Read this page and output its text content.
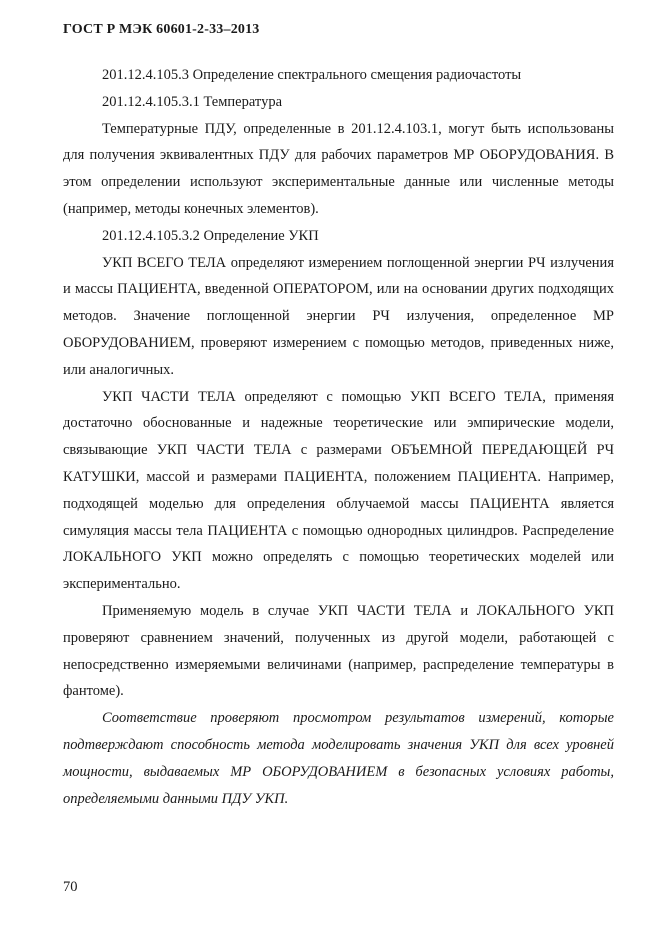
ГОСТ Р МЭК 60601-2-33–2013

201.12.4.105.3 Определение спектрального смещения радиочастоты

201.12.4.105.3.1 Температура

Температурные ПДУ, определенные в 201.12.4.103.1, могут быть использованы для получения эквивалентных ПДУ для рабочих параметров МР ОБОРУДОВАНИЯ. В этом определении используют экспериментальные данные или численные методы (например, методы конечных элементов).

201.12.4.105.3.2 Определение УКП

УКП ВСЕГО ТЕЛА определяют измерением поглощенной энергии РЧ излучения и массы ПАЦИЕНТА, введенной ОПЕРАТОРОМ, или на основании других подходящих методов. Значение поглощенной энергии РЧ излучения, определенное МР ОБОРУДОВАНИЕМ, проверяют измерением с помощью методов, приведенных ниже, или аналогичных.

УКП ЧАСТИ ТЕЛА определяют с помощью УКП ВСЕГО ТЕЛА, применяя достаточно обоснованные и надежные теоретические или эмпирические модели, связывающие УКП ЧАСТИ ТЕЛА с размерами ОБЪЕМНОЙ ПЕРЕДАЮЩЕЙ РЧ КАТУШКИ, массой и размерами ПАЦИЕНТА, положением ПАЦИЕНТА. Например, подходящей моделью для определения облучаемой массы ПАЦИЕНТА является симуляция массы тела ПАЦИЕНТА с помощью однородных цилиндров. Распределение ЛОКАЛЬНОГО УКП можно определять с помощью теоретических моделей или экспериментально.

Применяемую модель в случае УКП ЧАСТИ ТЕЛА и ЛОКАЛЬНОГО УКП проверяют сравнением значений, полученных из другой модели, работающей с непосредственно измеряемыми величинами (например, распределение температуры в фантоме).

Соответствие проверяют просмотром результатов измерений, которые подтверждают способность метода моделировать значения УКП для всех уровней мощности, выдаваемых МР ОБОРУДОВАНИЕМ в безопасных условиях работы, определяемыми данными ПДУ УКП.

70
